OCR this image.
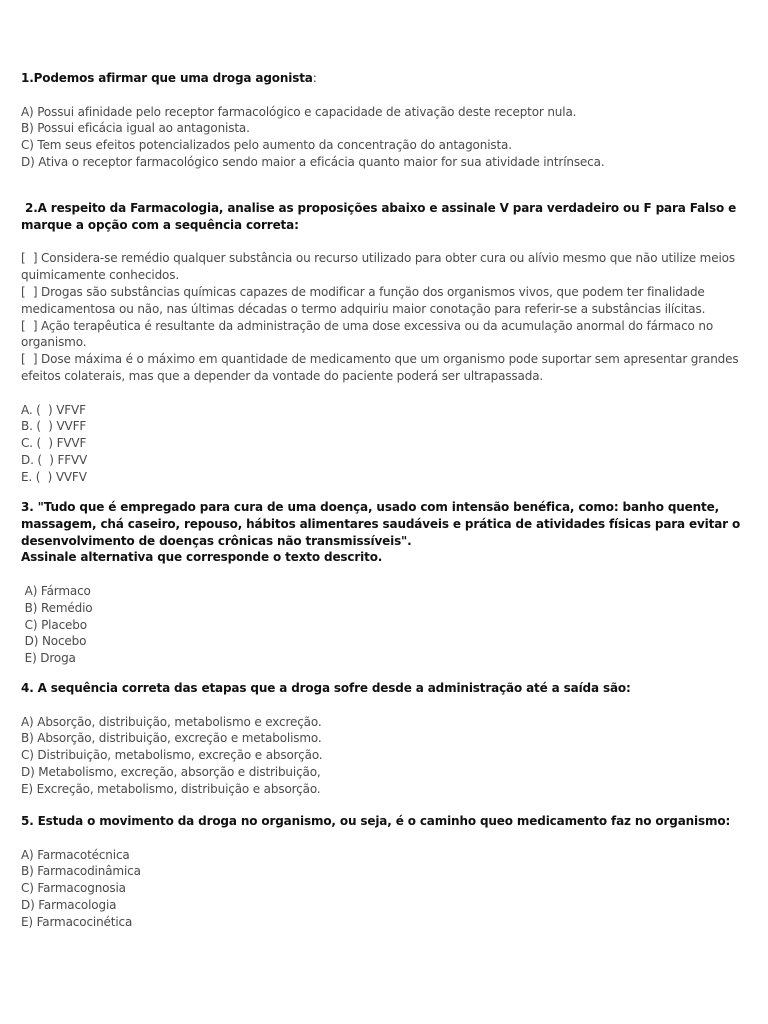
1.Podemos afirmar que uma droga agonista:
A) Possui afinidade pelo receptor farmacológico e capacidade de ativação deste receptor nula.
B) Possui eficácia igual ao antagonista.
C) Tem seus efeitos potencializados pelo aumento da concentração do antagonista.
D) Ativa o receptor farmacológico sendo maior a eficácia quanto maior for sua atividade intrínseca.
2.A respeito da Farmacologia, analise as proposições abaixo e assinale V para verdadeiro ou F para Falso e
marque a opção com a sequência correta:
[  ] Considera-se remédio qualquer substância ou recurso utilizado para obter cura ou alívio mesmo que não utilize meios
quimicamente conhecidos.
[  ] Drogas são substâncias químicas capazes de modificar a função dos organismos vivos, que podem ter finalidade
medicamentosa ou não, nas últimas décadas o termo adquiriu maior conotação para referir-se a substâncias ilícitas.
[  ] Ação terapêutica é resultante da administração de uma dose excessiva ou da acumulação anormal do fármaco no
organismo.
[  ] Dose máxima é o máximo em quantidade de medicamento que um organismo pode suportar sem apresentar grandes
efeitos colaterais, mas que a depender da vontade do paciente poderá ser ultrapassada.
A. (  ) VFVF
B. (  ) VVFF
C. (  ) FVVF
D. (  ) FFVV
E. (  ) VVFV
3. "Tudo que é empregado para cura de uma doença, usado com intensão benéfica, como: banho quente,
massagem, chá caseiro, repouso, hábitos alimentares saudáveis e prática de atividades físicas para evitar o
desenvolvimento de doenças crônicas não transmissíveis".
Assinale alternativa que corresponde o texto descrito.
A) Fármaco
B) Remédio
C) Placebo
D) Nocebo
E) Droga
4. A sequência correta das etapas que a droga sofre desde a administração até a saída são:
A) Absorção, distribuição, metabolismo e excreção.
B) Absorção, distribuição, excreção e metabolismo.
C) Distribuição, metabolismo, excreção e absorção.
D) Metabolismo, excreção, absorção e distribuição,
E) Excreção, metabolismo, distribuição e absorção.
5. Estuda o movimento da droga no organismo, ou seja, é o caminho queo medicamento faz no organismo:
A) Farmacotécnica
B) Farmacodinâmica
C) Farmacognosia
D) Farmacologia
E) Farmacocinética
